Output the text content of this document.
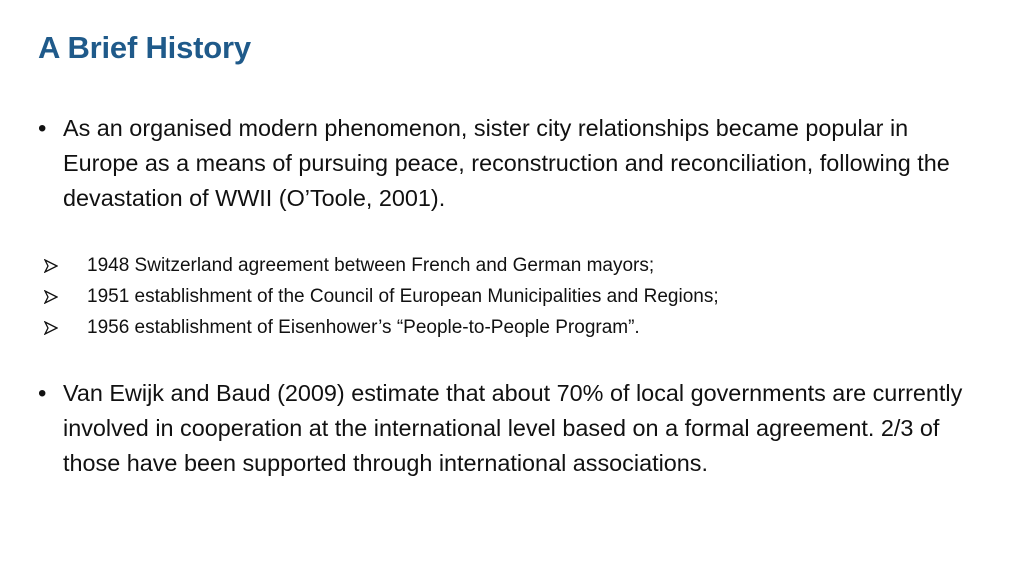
A Brief History
• As an organised modern phenomenon, sister city relationships became popular in Europe as a means of pursuing peace, reconstruction and reconciliation, following the devastation of WWII (O’Toole, 2001).
1948 Switzerland agreement between French and German mayors;
1951 establishment of the Council of European Municipalities and Regions;
1956 establishment of Eisenhower’s “People-to-People Program”.
• Van Ewijk and Baud (2009) estimate that about 70% of local governments are currently involved in cooperation at the international level based on a formal agreement. 2/3 of those have been supported through international associations.
